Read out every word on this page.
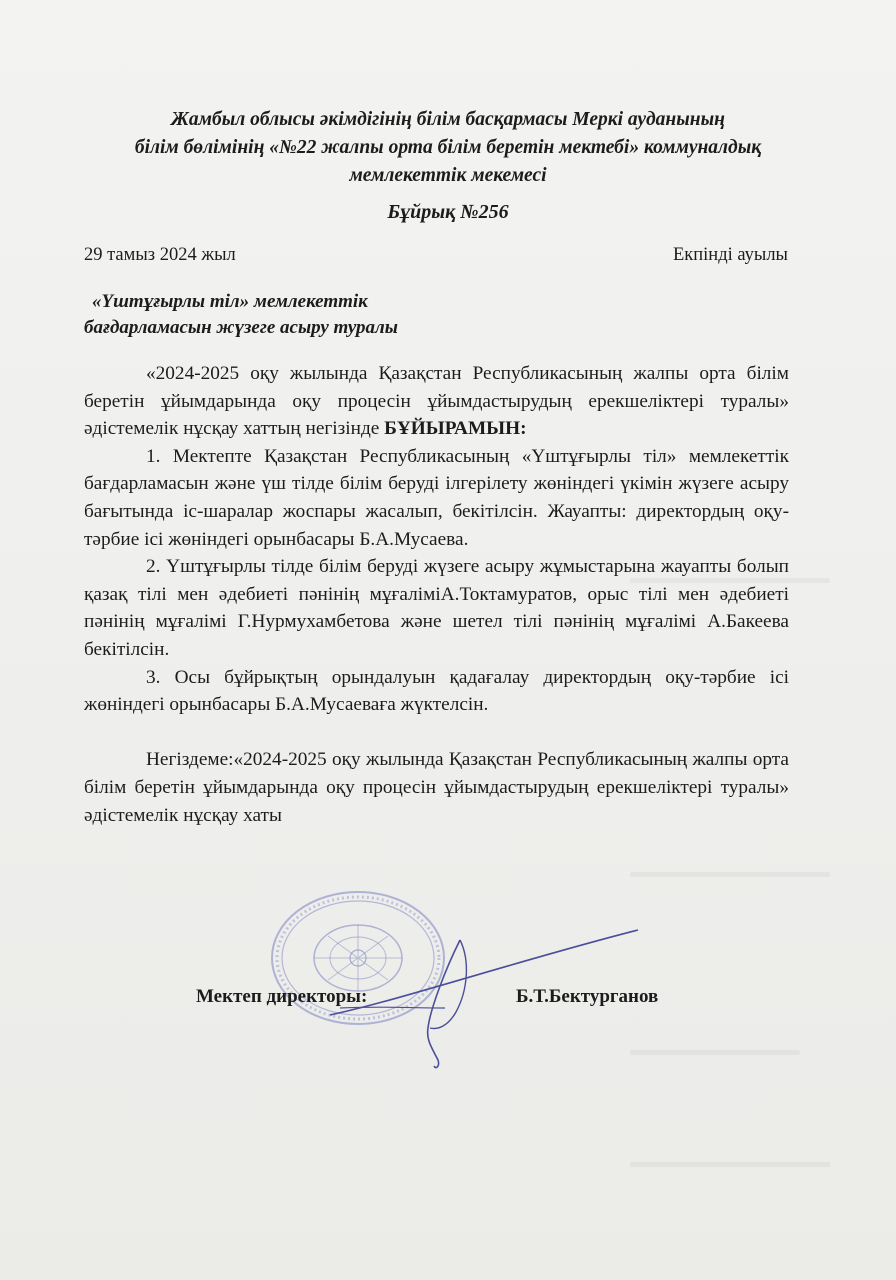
Жамбыл облысы әкімдігінің білім басқармасы Меркі ауданының
білім бөлімінің «№22 жалпы орта білім беретін мектебі» коммуналдық
мемлекеттік мекемесі
Бұйрық №256
29 тамыз 2024 жыл	Екпінді ауылы
«Үштұғырлы тіл» мемлекеттік
бағдарламасын жүзеге асыру туралы

«2024-2025 оқу жылында Қазақстан Республикасының жалпы орта білім беретін ұйымдарында оқу процесін ұйымдастырудың ерекшеліктері туралы» әдістемелік нұсқау хаттың негізінде БҰЙЫРАМЫН:

1. Мектепте Қазақстан Республикасының «Үштұғырлы тіл» мемлекеттік бағдарламасын және үш тілде білім беруді ілгерілету жөніндегі үкімін жүзеге асыру бағытында іс-шаралар жоспары жасалып, бекітілсін. Жауапты: директордың оқу-тәрбие ісі жөніндегі орынбасары Б.А.Мусаева.

2. Үштұғырлы тілде білім беруді жүзеге асыру жұмыстарына жауапты болып қазақ тілі мен әдебиеті пәнінің мұғаліміА.Токтамуратов, орыс тілі мен әдебиеті пәнінің мұғалімі Г.Нурмухамбетова және шетел тілі пәнінің мұғалімі А.Бакеева бекітілсін.

3. Осы бұйрықтың орындалуын қадағалау директордың оқу-тәрбие ісі жөніндегі орынбасары Б.А.Мусаеваға жүктелсін.

Негіздеме:«2024-2025 оқу жылында Қазақстан Республикасының жалпы орта білім беретін ұйымдарында оқу процесін ұйымдастырудың ерекшеліктері туралы» әдістемелік нұсқау хаты

Мектеп директоры:	Б.Т.Бектурганов
